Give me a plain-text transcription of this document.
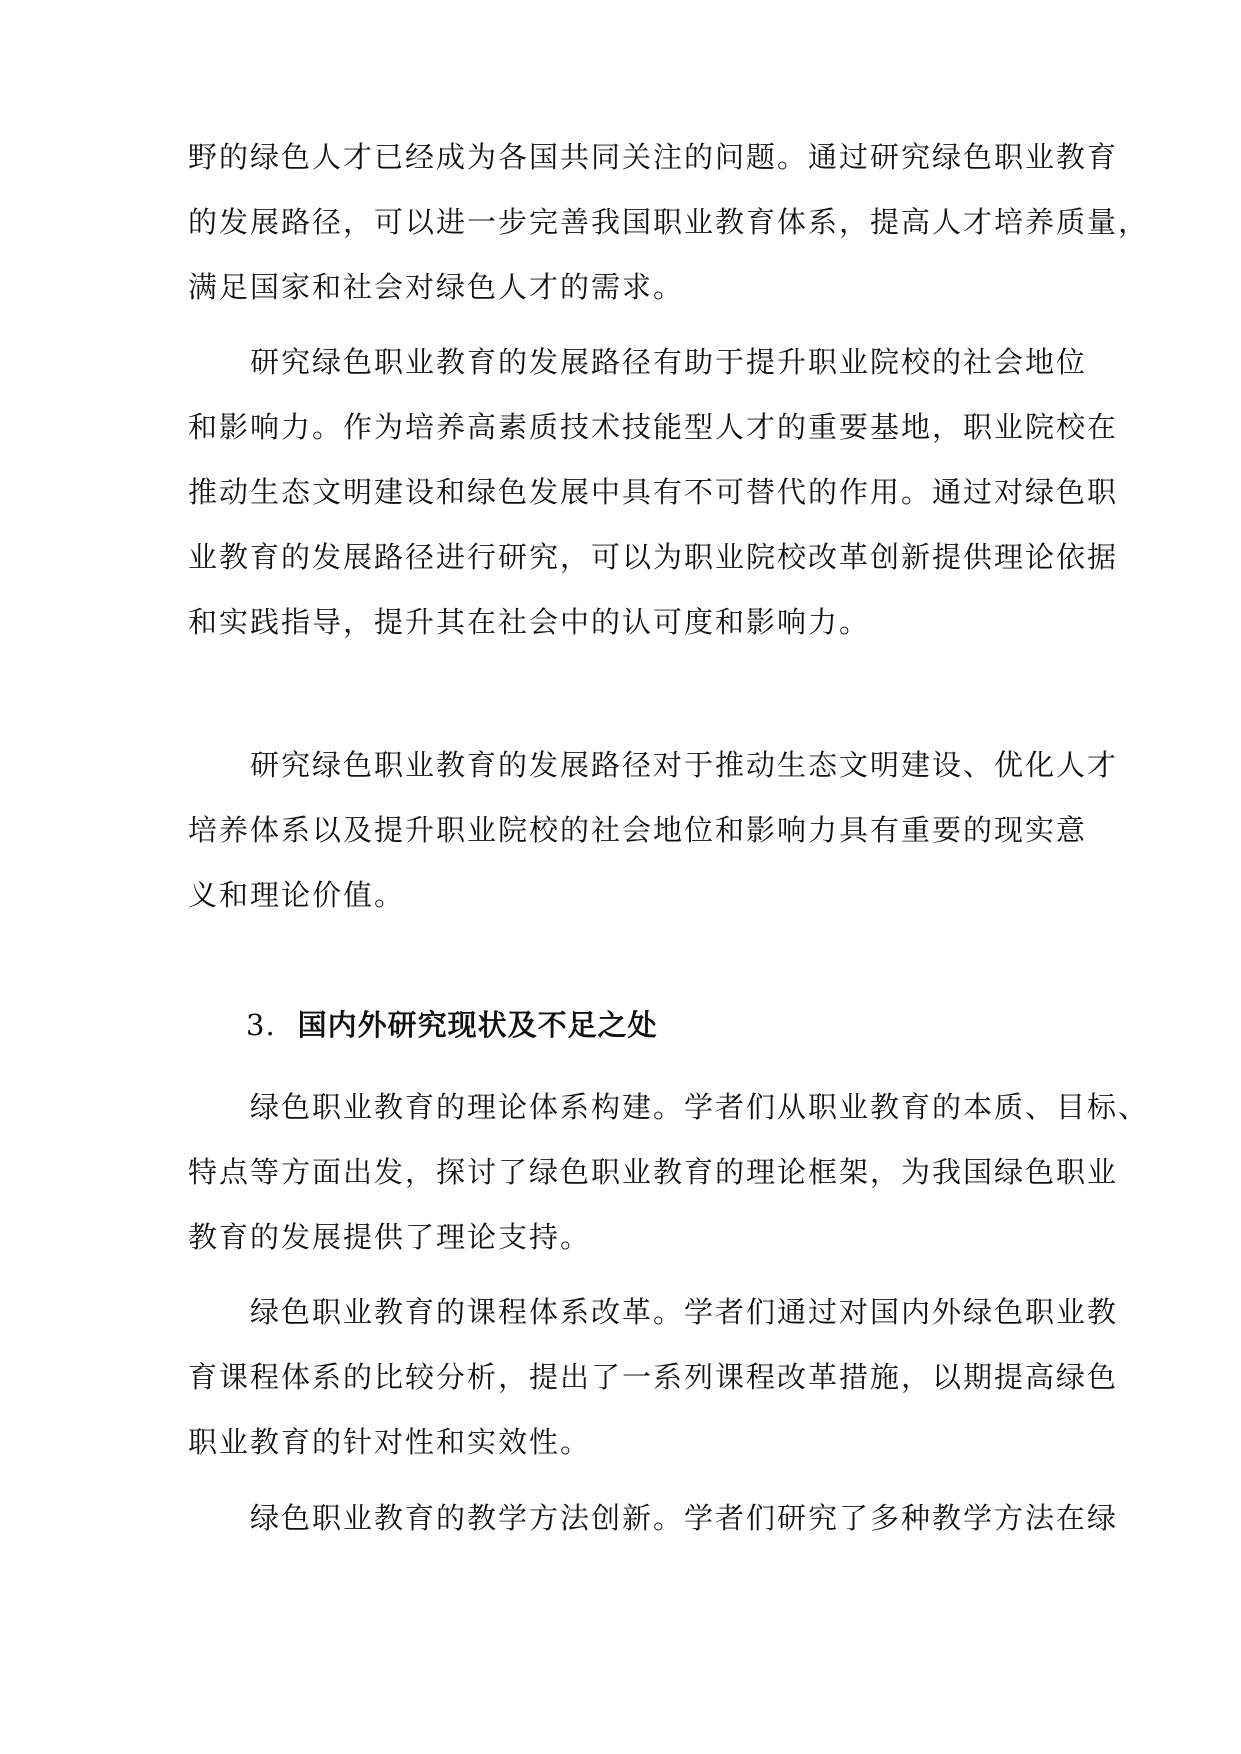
野的绿色人才已经成为各国共同关注的问题。通过研究绿色职业教育
的发展路径，可以进一步完善我国职业教育体系，提高人才培养质量，
满足国家和社会对绿色人才的需求。
　　研究绿色职业教育的发展路径有助于提升职业院校的社会地位
和影响力。作为培养高素质技术技能型人才的重要基地，职业院校在
推动生态文明建设和绿色发展中具有不可替代的作用。通过对绿色职
业教育的发展路径进行研究，可以为职业院校改革创新提供理论依据
和实践指导，提升其在社会中的认可度和影响力。
　　研究绿色职业教育的发展路径对于推动生态文明建设、优化人才
培养体系以及提升职业院校的社会地位和影响力具有重要的现实意
义和理论价值。
3. 国内外研究现状及不足之处
　　绿色职业教育的理论体系构建。学者们从职业教育的本质、目标、
特点等方面出发，探讨了绿色职业教育的理论框架，为我国绿色职业
教育的发展提供了理论支持。
　　绿色职业教育的课程体系改革。学者们通过对国内外绿色职业教
育课程体系的比较分析，提出了一系列课程改革措施，以期提高绿色
职业教育的针对性和实效性。
　　绿色职业教育的教学方法创新。学者们研究了多种教学方法在绿
